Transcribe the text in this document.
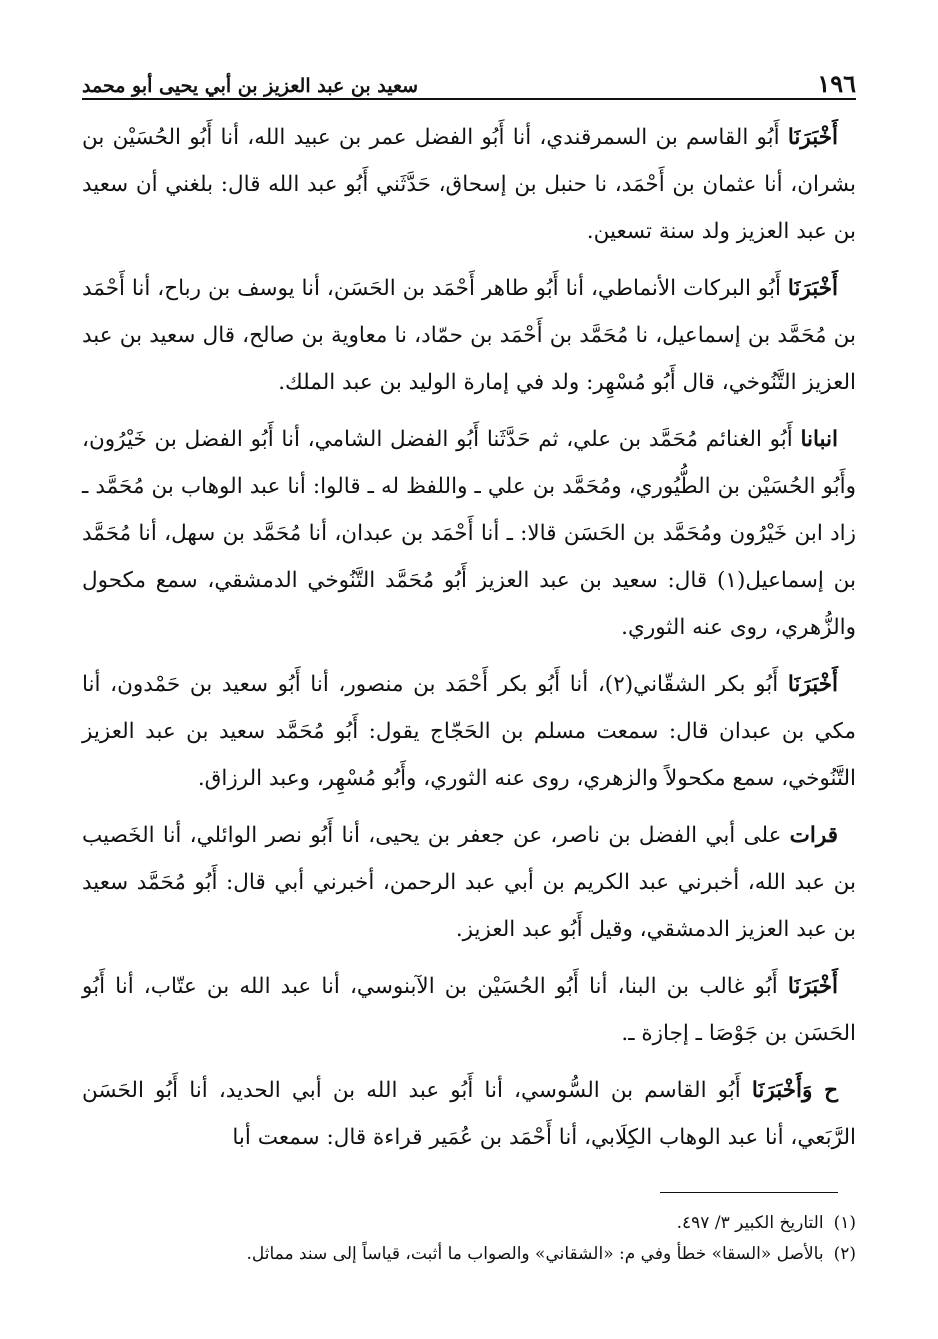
١٩٦
سعيد بن عبد العزيز بن أبي يحيى أبو محمد

أَخْبَرَنَا أَبُو القاسم بن السمرقندي، أنا أَبُو الفضل عمر بن عبيد الله، أنا أَبُو الحُسَيْن بن بشران، أنا عثمان بن أَحْمَد، نا حنبل بن إسحاق، حَدَّثَني أَبُو عبد الله قال: بلغني أن سعيد بن عبد العزيز ولد سنة تسعين.

أَخْبَرَنَا أَبُو البركات الأنماطي، أنا أَبُو طاهر أَحْمَد بن الحَسَن، أنا يوسف بن رباح، أنا أَحْمَد بن مُحَمَّد بن إسماعيل، نا مُحَمَّد بن أَحْمَد بن حمّاد، نا معاوية بن صالح، قال سعيد بن عبد العزيز التَّنُوخي، قال أَبُو مُسْهِر: ولد في إمارة الوليد بن عبد الملك.

انبانا أَبُو الغنائم مُحَمَّد بن علي، ثم حَدَّثَنا أَبُو الفضل الشامي، أنا أَبُو الفضل بن خَيْرُون، وأَبُو الحُسَيْن بن الطُّيُوري، ومُحَمَّد بن علي ـ واللفظ له ـ قالوا: أنا عبد الوهاب بن مُحَمَّد ـ زاد ابن خَيْرُون ومُحَمَّد بن الحَسَن قالا: ـ أنا أَحْمَد بن عبدان، أنا مُحَمَّد بن سهل، أنا مُحَمَّد بن إسماعيل(١) قال: سعيد بن عبد العزيز أَبُو مُحَمَّد التَّنُوخي الدمشقي، سمع مكحول والزُّهري، روى عنه الثوري.

أَخْبَرَنَا أَبُو بكر الشقّاني(٢)، أنا أَبُو بكر أَحْمَد بن منصور، أنا أَبُو سعيد بن حَمْدون، أنا مكي بن عبدان قال: سمعت مسلم بن الحَجّاج يقول: أَبُو مُحَمَّد سعيد بن عبد العزيز التَّنُوخي، سمع مكحولاً والزهري، روى عنه الثوري، وأَبُو مُسْهِر، وعبد الرزاق.

قرات على أبي الفضل بن ناصر، عن جعفر بن يحيى، أنا أَبُو نصر الوائلي، أنا الخَصيب بن عبد الله، أخبرني عبد الكريم بن أبي عبد الرحمن، أخبرني أبي قال: أَبُو مُحَمَّد سعيد بن عبد العزيز الدمشقي، وقيل أَبُو عبد العزيز.

أَخْبَرَنَا أَبُو غالب بن البنا، أنا أَبُو الحُسَيْن بن الآبنوسي، أنا عبد الله بن عتّاب، أنا أَبُو الحَسَن بن جَوْصَا ـ إجازة ـ.

ح وَأَخْبَرَنَا أَبُو القاسم بن السُّوسي، أنا أَبُو عبد الله بن أبي الحديد، أنا أَبُو الحَسَن الرَّبَعي، أنا عبد الوهاب الكِلَابي، أنا أَحْمَد بن عُمَير قراءة قال: سمعت أبا

(١)التاريخ الكبير ٣/ ٤٩٧.

(٢)بالأصل «السقا» خطأ وفي م: «الشقاني» والصواب ما أثبت، قياساً إلى سند مماثل.
